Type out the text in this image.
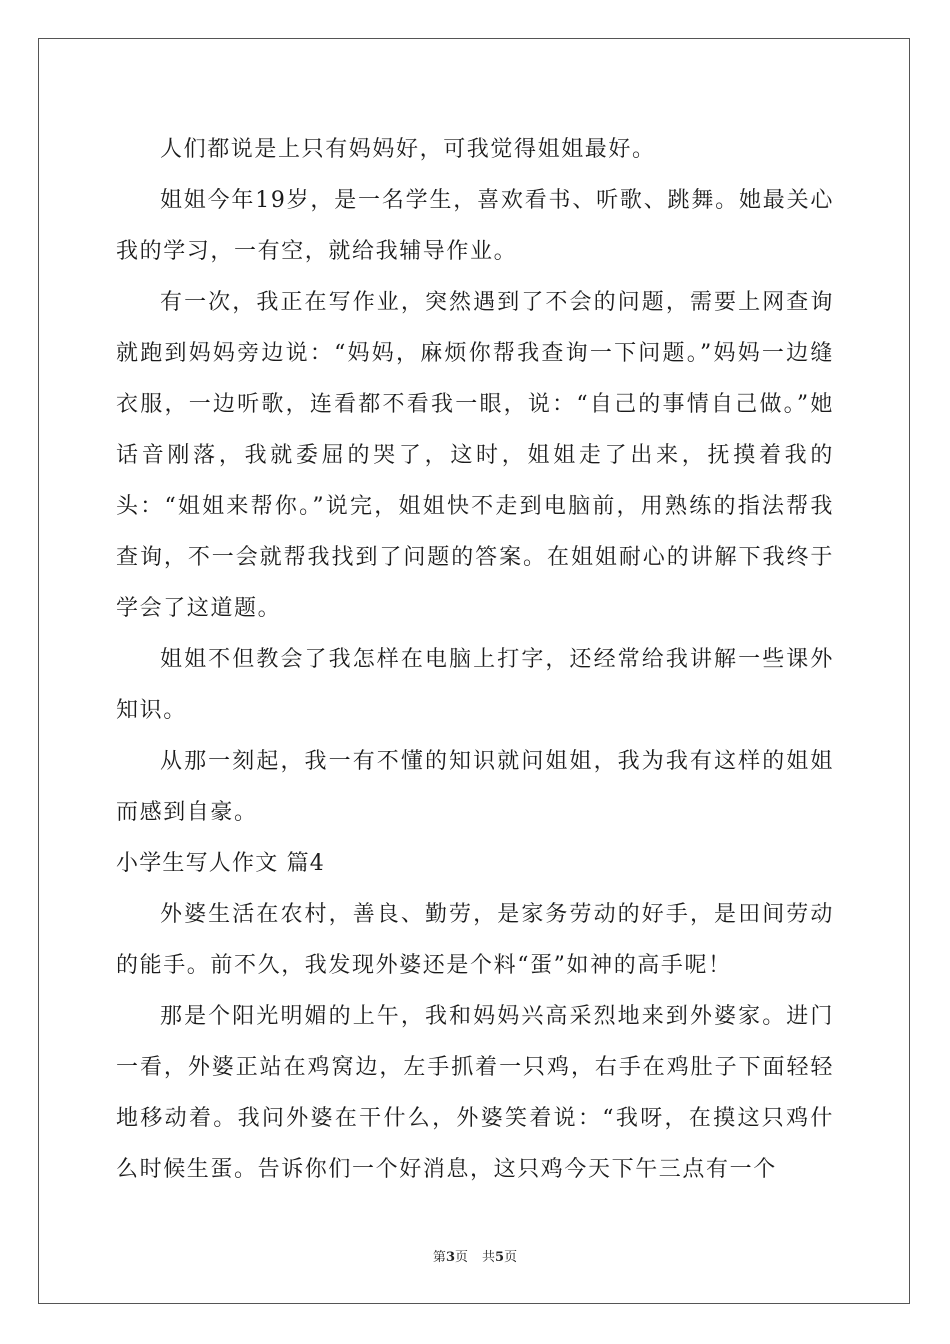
人们都说是上只有妈妈好，可我觉得姐姐最好。

姐姐今年19岁，是一名学生，喜欢看书、听歌、跳舞。她最关心我的学习，一有空，就给我辅导作业。

有一次，我正在写作业，突然遇到了不会的问题，需要上网查询就跑到妈妈旁边说：“妈妈，麻烦你帮我查询一下问题。”妈妈一边缝衣服，一边听歌，连看都不看我一眼，说：“自己的事情自己做。”她话音刚落，我就委屈的哭了，这时，姐姐走了出来，抚摸着我的头：“姐姐来帮你。”说完，姐姐快不走到电脑前，用熟练的指法帮我查询，不一会就帮我找到了问题的答案。在姐姐耐心的讲解下我终于学会了这道题。

姐姐不但教会了我怎样在电脑上打字，还经常给我讲解一些课外知识。

从那一刻起，我一有不懂的知识就问姐姐，我为我有这样的姐姐而感到自豪。

小学生写人作文 篇4

外婆生活在农村，善良、勤劳，是家务劳动的好手，是田间劳动的能手。前不久，我发现外婆还是个料“蛋”如神的高手呢！

那是个阳光明媚的上午，我和妈妈兴高采烈地来到外婆家。进门一看，外婆正站在鸡窝边，左手抓着一只鸡，右手在鸡肚子下面轻轻地移动着。我问外婆在干什么，外婆笑着说：“我呀，在摸这只鸡什么时候生蛋。告诉你们一个好消息，这只鸡今天下午三点有一个

第3页 共5页
